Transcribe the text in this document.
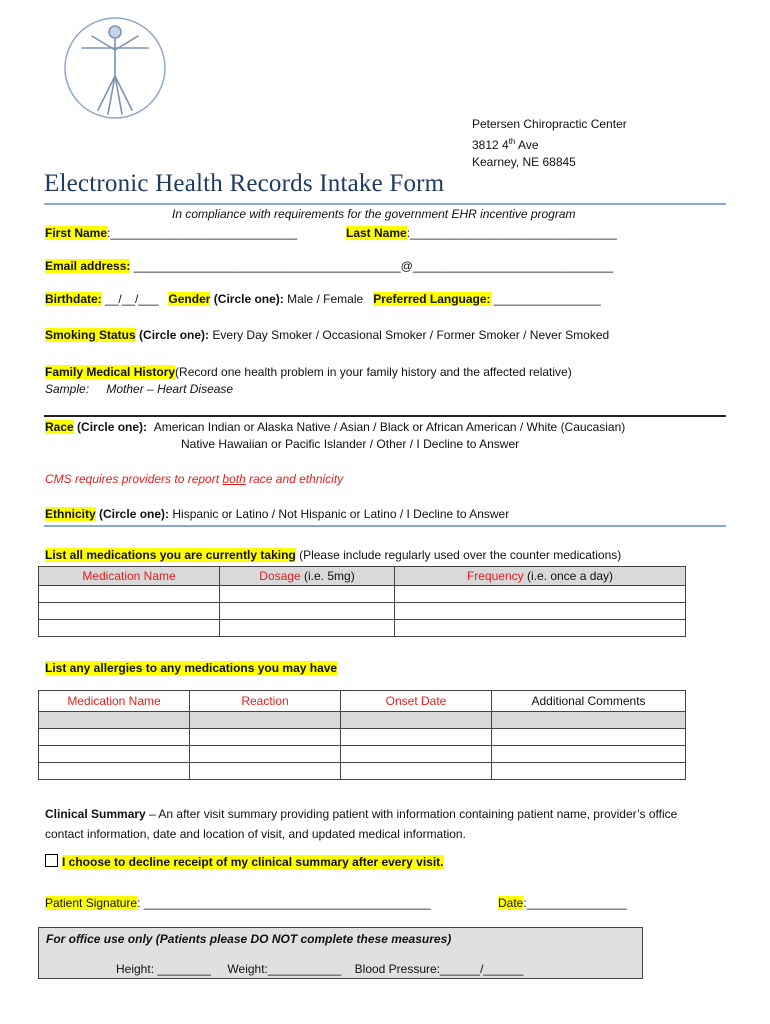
Petersen Chiropractic Center
3812 4th Ave
Kearney, NE 68845
Electronic Health Records Intake Form
In compliance with requirements for the government EHR incentive program
First Name:____________________________	Last Name:_______________________________
Email address: ________________________________________@______________________________
Birthdate: __/__/___ Gender (Circle one): Male / Female Preferred Language: ________________
Smoking Status (Circle one): Every Day Smoker / Occasional Smoker / Former Smoker / Never Smoked
Family Medical History(Record one health problem in your family history and the affected relative)
Sample: Mother – Heart Disease
Race (Circle one): American Indian or Alaska Native / Asian / Black or African American / White (Caucasian)
Native Hawaiian or Pacific Islander / Other / I Decline to Answer
CMS requires providers to report both race and ethnicity
Ethnicity (Circle one): Hispanic or Latino / Not Hispanic or Latino / I Decline to Answer
List all medications you are currently taking (Please include regularly used over the counter medications)
Medication Name	Dosage (i.e. 5mg)	Frequency (i.e. once a day)

List any allergies to any medications you may have
Medication Name	Reaction	Onset Date	Additional Comments

Clinical Summary – An after visit summary providing patient with information containing patient name, provider’s office
contact information, date and location of visit, and updated medical information.
I choose to decline receipt of my clinical summary after every visit.
Patient Signature: ___________________________________________	Date:_______________
For office use only (Patients please DO NOT complete these measures)
Height: ________ Weight:___________ Blood Pressure:______/______
